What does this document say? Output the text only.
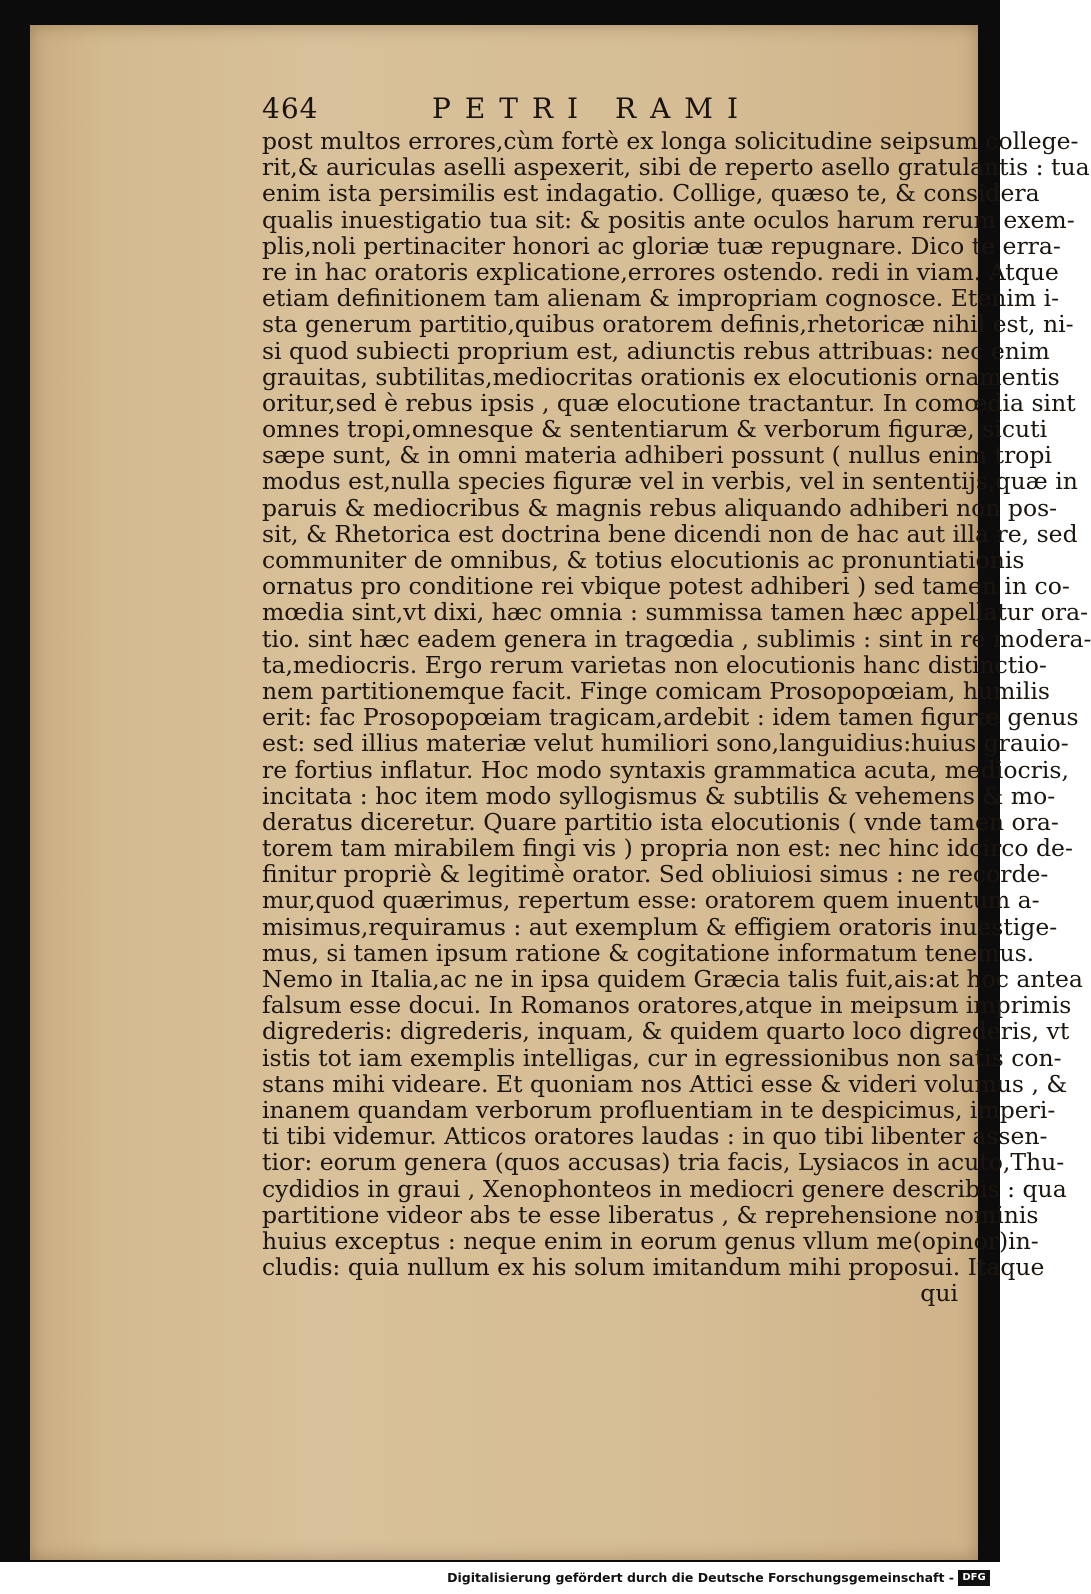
464	PETRI RAMI
post multos errores,cùm fortè ex longa solicitudine seipsum college-
rit,& auriculas aselli aspexerit, sibi de reperto asello gratulantis : tua
enim ista persimilis est indagatio. Collige, quæso te, & considera
qualis inuestigatio tua sit: & positis ante oculos harum rerum exem-
plis,noli pertinaciter honori ac gloriæ tuæ repugnare. Dico te erra-
re in hac oratoris explicatione,errores ostendo. redi in viam. Atque
etiam definitionem tam alienam & impropriam cognosce. Etenim i-
sta generum partitio,quibus oratorem definis,rhetoricæ nihil est, ni-
si quod subiecti proprium est, adiunctis rebus attribuas: nec enim
grauitas, subtilitas,mediocritas orationis ex elocutionis ornamentis
oritur,sed è rebus ipsis , quæ elocutione tractantur. In comœdia sint
omnes tropi,omnesque & sententiarum & verborum figuræ, sicuti
sæpe sunt, & in omni materia adhiberi possunt ( nullus enim tropi
modus est,nulla species figuræ vel in verbis, vel in sententijs,quæ in
paruis & mediocribus & magnis rebus aliquando adhiberi non pos-
sit, & Rhetorica est doctrina bene dicendi non de hac aut illa re, sed
communiter de omnibus, & totius elocutionis ac pronuntiationis
ornatus pro conditione rei vbique potest adhiberi ) sed tamen in co-
mœdia sint,vt dixi, hæc omnia : summissa tamen hæc appellatur ora-
tio. sint hæc eadem genera in tragœdia , sublimis : sint in re modera-
ta,mediocris. Ergo rerum varietas non elocutionis hanc distinctio-
nem partitionemque facit. Finge comicam Prosopopœiam, humilis
erit: fac Prosopopœiam tragicam,ardebit : idem tamen figuræ genus
est: sed illius materiæ velut humiliori sono,languidius:huius grauio-
re fortius inflatur. Hoc modo syntaxis grammatica acuta, mediocris,
incitata : hoc item modo syllogismus & subtilis & vehemens & mo-
deratus diceretur. Quare partitio ista elocutionis ( vnde tamen ora-
torem tam mirabilem fingi vis ) propria non est: nec hinc idcirco de-
finitur propriè & legitimè orator. Sed obliuiosi simus : ne recorde-
mur,quod quærimus, repertum esse: oratorem quem inuentum a-
misimus,requiramus : aut exemplum & effigiem oratoris inuestige-
mus, si tamen ipsum ratione & cogitatione informatum tenemus.
Nemo in Italia,ac ne in ipsa quidem Græcia talis fuit,ais:at hoc antea
falsum esse docui. In Romanos oratores,atque in meipsum imprimis
digrederis: digrederis, inquam, & quidem quarto loco digrederis, vt
istis tot iam exemplis intelligas, cur in egressionibus non satis con-
stans mihi videare. Et quoniam nos Attici esse & videri volumus , &
inanem quandam verborum profluentiam in te despicimus, imperi-
ti tibi videmur. Atticos oratores laudas : in quo tibi libenter assen-
tior: eorum genera (quos accusas) tria facis, Lysiacos in acuto,Thu-
cydidios in graui , Xenophonteos in mediocri genere describis : qua
partitione videor abs te esse liberatus , & reprehensione nominis
huius exceptus : neque enim in eorum genus vllum me(opinor)in-
cludis: quia nullum ex his solum imitandum mihi proposui. Itaque
qui
Digitalisierung gefördert durch die Deutsche Forschungsgemeinschaft - DFG
